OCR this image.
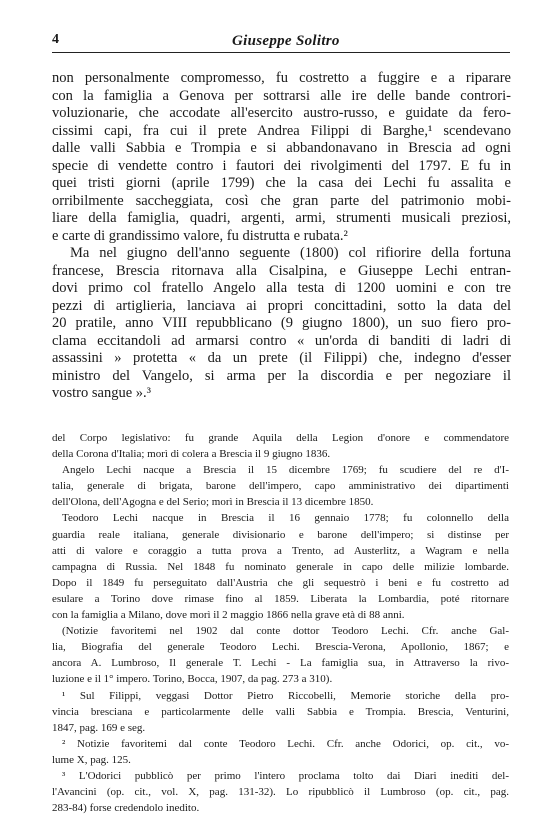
4	Giuseppe Solitro
non personalmente compromesso, fu costretto a fuggire e a riparare
con la famiglia a Genova per sottrarsi alle ire delle bande controri-
voluzionarie, che accodate all'esercito austro-russo, e guidate da fero-
cissimi capi, fra cui il prete Andrea Filippi di Barghe,¹ scendevano
dalle valli Sabbia e Trompia e si abbandonavano in Brescia ad ogni
specie di vendette contro i fautori dei rivolgimenti del 1797. E fu in
quei tristi giorni (aprile 1799) che la casa dei Lechi fu assalita e
orribilmente saccheggiata, così che gran parte del patrimonio mobi-
liare della famiglia, quadri, argenti, armi, strumenti musicali preziosi,
e carte di grandissimo valore, fu distrutta e rubata.²
Ma nel giugno dell'anno seguente (1800) col rifiorire della fortuna
francese, Brescia ritornava alla Cisalpina, e Giuseppe Lechi entran-
dovi primo col fratello Angelo alla testa di 1200 uomini e con tre
pezzi di artiglieria, lanciava ai propri concittadini, sotto la data del
20 pratile, anno VIII repubblicano (9 giugno 1800), un suo fiero pro-
clama eccitandoli ad armarsi contro « un'orda di banditi di ladri di
assassini » protetta « da un prete (il Filippi) che, indegno d'esser
ministro del Vangelo, si arma per la discordia e per negoziare il
vostro sangue ».³
del Corpo legislativo: fu grande Aquila della Legion d'onore e commendatore
della Corona d'Italia; morì di colera a Brescia il 9 giugno 1836.
Angelo Lechi nacque a Brescia il 15 dicembre 1769; fu scudiere del re d'I-
talia, generale di brigata, barone dell'impero, capo amministrativo dei dipartimenti
dell'Olona, dell'Agogna e del Serio; morì in Brescia il 13 dicembre 1850.
Teodoro Lechi nacque in Brescia il 16 gennaio 1778; fu colonnello della
guardia reale italiana, generale divisionario e barone dell'impero; si distinse per
atti di valore e coraggio a tutta prova a Trento, ad Austerlitz, a Wagram e nella
campagna di Russia. Nel 1848 fu nominato generale in capo delle milizie lombarde.
Dopo il 1849 fu perseguitato dall'Austria che gli sequestrò i beni e fu costretto ad
esulare a Torino dove rimase fino al 1859. Liberata la Lombardia, poté ritornare
con la famiglia a Milano, dove morì il 2 maggio 1866 nella grave età di 88 anni.
(Notizie favoritemi nel 1902 dal conte dottor Teodoro Lechi. Cfr. anche Gal-
lia, Biografia del generale Teodoro Lechi. Brescia-Verona, Apollonio, 1867; e
ancora A. Lumbroso, Il generale T. Lechi - La famiglia sua, in Attraverso la rivo-
luzione e il 1° impero. Torino, Bocca, 1907, da pag. 273 a 310).
¹ Sul Filippi, veggasi Dottor Pietro Riccobelli, Memorie storiche della pro-
vincia bresciana e particolarmente delle valli Sabbia e Trompia. Brescia, Venturini,
1847, pag. 169 e seg.
² Notizie favoritemi dal conte Teodoro Lechi. Cfr. anche Odorici, op. cit., vo-
lume X, pag. 125.
³ L'Odorici pubblicò per primo l'intero proclama tolto dai Diari inediti del-
l'Avancini (op. cit., vol. X, pag. 131-32). Lo ripubblicò il Lumbroso (op. cit., pag.
283-84) forse credendolo inedito.
